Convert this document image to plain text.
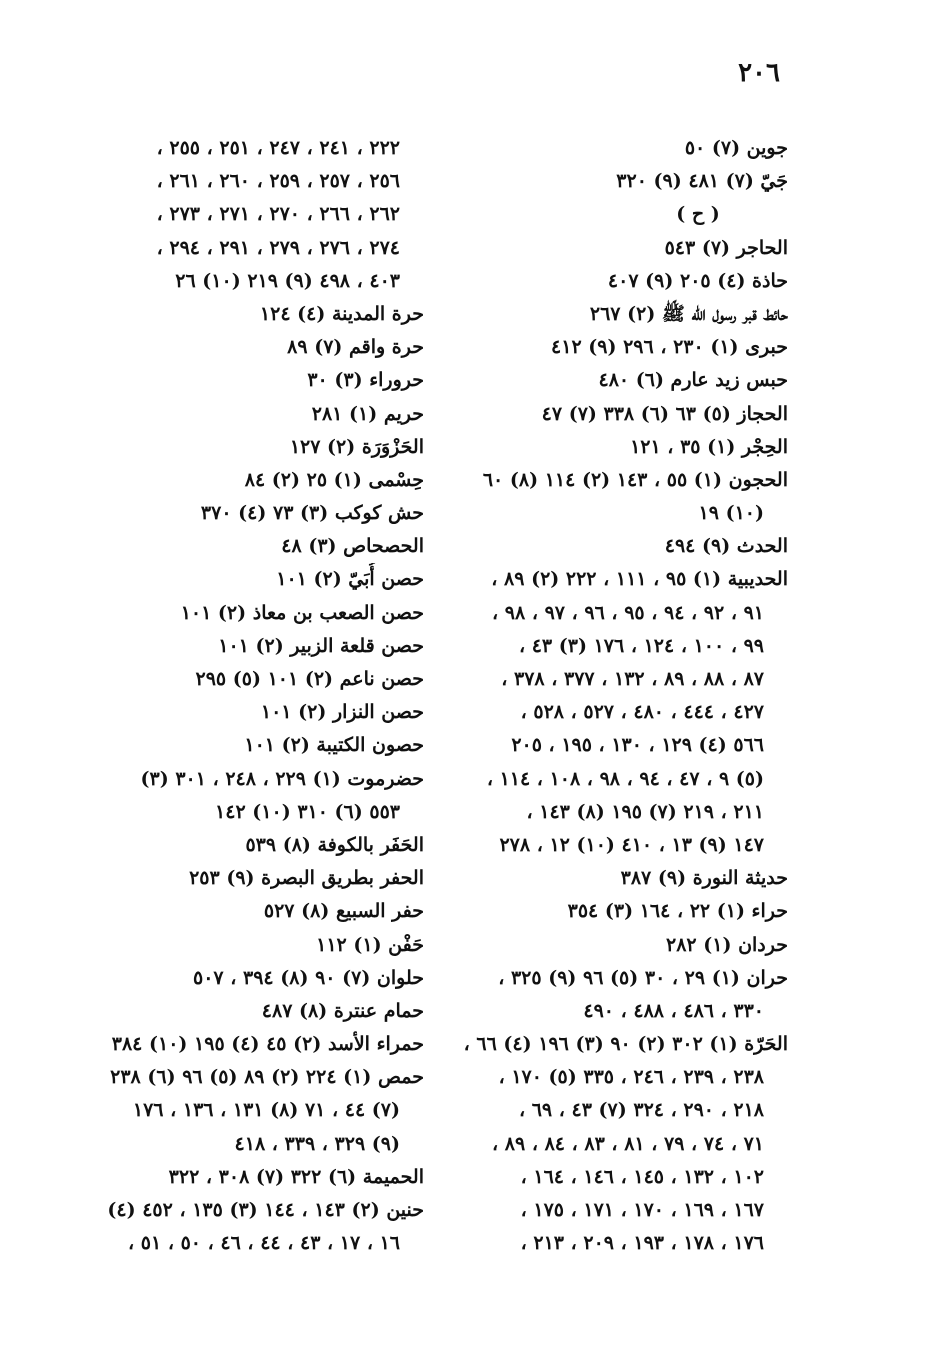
٢٠٦
جوين (٧) ٥٠
جَيّ (٧) ٤٨١ (٩) ٣٢٠
( ح )
الحاجر (٧) ٥٤٣
حاذة (٤) ٢٠٥ (٩) ٤٠٧
حائط قبر رسول الله ﷺ (٢) ٢٦٧
حبرى (١) ٢٣٠ ، ٢٩٦ (٩) ٤١٢
حبس زيد عارم (٦) ٤٨٠
الحجاز (٥) ٦٣ (٦) ٣٣٨ (٧) ٤٧
الحِجْر (١) ٣٥ ، ١٢١
الحجون (١) ٥٥ ، ١٤٣ (٢) ١١٤ (٨) ٦٠
(١٠) ١٩
الحدث (٩) ٤٩٤
الحديبية (١) ٩٥ ، ١١١ ، ٢٢٢ (٢) ٨٩ ،
٩١ ، ٩٢ ، ٩٤ ، ٩٥ ، ٩٦ ، ٩٧ ، ٩٨ ،
٩٩ ، ١٠٠ ، ١٢٤ ، ١٧٦ (٣) ٤٣ ،
٨٧ ، ٨٨ ، ٨٩ ، ١٣٢ ، ٣٧٧ ، ٣٧٨ ،
٤٢٧ ، ٤٤٤ ، ٤٨٠ ، ٥٢٧ ، ٥٢٨ ،
٥٦٦ (٤) ١٢٩ ، ١٣٠ ، ١٩٥ ، ٢٠٥
(٥) ٩ ، ٤٧ ، ٩٤ ، ٩٨ ، ١٠٨ ، ١١٤ ،
٢١١ ، ٢١٩ (٧) ١٩٥ (٨) ١٤٣ ،
١٤٧ (٩) ١٣ ، ٤١٠ (١٠) ١٢ ، ٢٧٨
حديثة النورة (٩) ٣٨٧
حراء (١) ٢٢ ، ١٦٤ (٣) ٣٥٤
حردان (١) ٢٨٢
حران (١) ٢٩ ، ٣٠ (٥) ٩٦ (٩) ٣٢٥ ،
٣٣٠ ، ٤٨٦ ، ٤٨٨ ، ٤٩٠
الحَرّة (١) ٣٠٢ (٢) ٩٠ (٣) ١٩٦ (٤) ٦٦ ،
٢٣٨ ، ٢٣٩ ، ٢٤٦ ، ٣٣٥ (٥) ١٧٠ ،
٢١٨ ، ٢٩٠ ، ٣٢٤ (٧) ٤٣ ، ٦٩ ،
٧١ ، ٧٤ ، ٧٩ ، ٨١ ، ٨٣ ، ٨٤ ، ٨٩ ،
١٠٢ ، ١٣٢ ، ١٤٥ ، ١٤٦ ، ١٦٤ ،
١٦٧ ، ١٦٩ ، ١٧٠ ، ١٧١ ، ١٧٥ ،
١٧٦ ، ١٧٨ ، ١٩٣ ، ٢٠٩ ، ٢١٣ ،
٢٢٢ ، ٢٤١ ، ٢٤٧ ، ٢٥١ ، ٢٥٥ ،
٢٥٦ ، ٢٥٧ ، ٢٥٩ ، ٢٦٠ ، ٢٦١ ،
٢٦٢ ، ٢٦٦ ، ٢٧٠ ، ٢٧١ ، ٢٧٣ ،
٢٧٤ ، ٢٧٦ ، ٢٧٩ ، ٢٩١ ، ٢٩٤ ،
٤٠٣ ، ٤٩٨ (٩) ٢١٩ (١٠) ٢٦
حرة المدينة (٤) ١٢٤
حرة واقم (٧) ٨٩
حروراء (٣) ٣٠
حريم (١) ٢٨١
الحَزْوَرَة (٢) ١٢٧
حِسْمى (١) ٢٥ (٢) ٨٤
حش كوكب (٣) ٧٣ (٤) ٣٧٠
الحصحاص (٣) ٤٨
حصن أُبَيّ (٢) ١٠١
حصن الصعب بن معاذ (٢) ١٠١
حصن قلعة الزبير (٢) ١٠١
حصن ناعم (٢) ١٠١ (٥) ٢٩٥
حصن النزار (٢) ١٠١
حصون الكتيبة (٢) ١٠١
حضرموت (١) ٢٢٩ ، ٢٤٨ ، ٣٠١ (٣)
٥٥٣ (٦) ٣١٠ (١٠) ١٤٢
الحَفَر بالكوفة (٨) ٥٣٩
الحفر بطريق البصرة (٩) ٢٥٣
حفر السبيع (٨) ٥٢٧
حَفْن (١) ١١٢
حلوان (٧) ٩٠ (٨) ٣٩٤ ، ٥٠٧
حمام عنترة (٨) ٤٨٧
حمراء الأسد (٢) ٤٥ (٤) ١٩٥ (١٠) ٣٨٤
حمص (١) ٢٢٤ (٢) ٨٩ (٥) ٩٦ (٦) ٢٣٨
(٧) ٤٤ ، ٧١ (٨) ١٣١ ، ١٣٦ ، ١٧٦
(٩) ٣٢٩ ، ٣٣٩ ، ٤١٨
الحميمة (٦) ٣٢٢ (٧) ٣٠٨ ، ٣٢٢
حنين (٢) ١٤٣ ، ١٤٤ (٣) ١٣٥ ، ٤٥٢ (٤)
١٦ ، ١٧ ، ٤٣ ، ٤٤ ، ٤٦ ، ٥٠ ، ٥١ ،
